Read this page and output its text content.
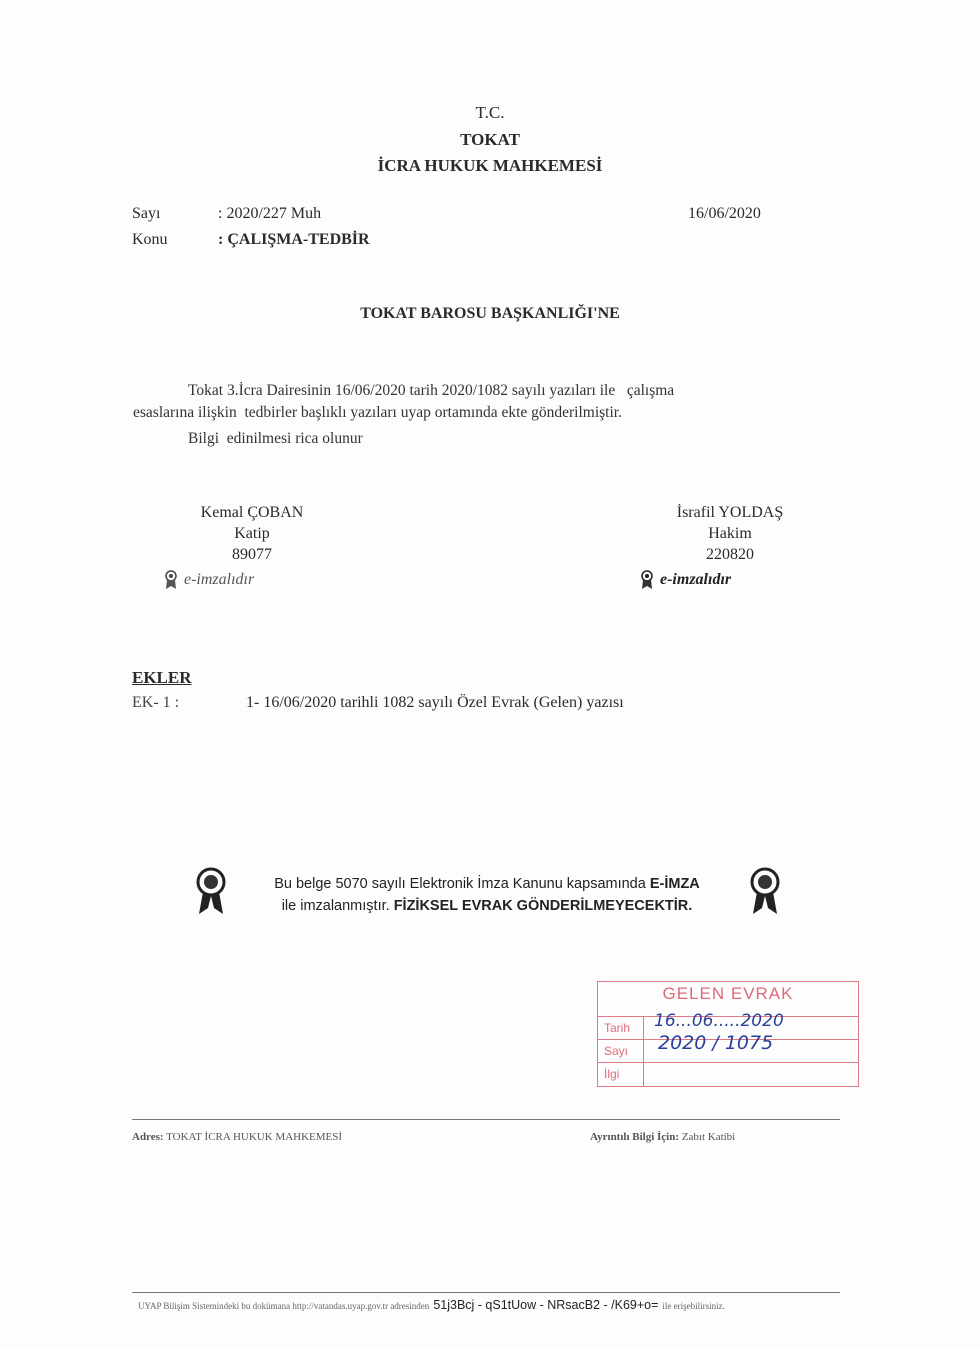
T.C.
TOKAT
İCRA HUKUK MAHKEMESİ
Sayı	: 2020/227 Muh	16/06/2020
Konu	: ÇALIŞMA-TEDBİR
TOKAT BAROSU BAŞKANLIĞI'NE
Tokat 3.İcra Dairesinin 16/06/2020 tarih 2020/1082 sayılı yazıları ile   çalışma
esaslarına ilişkin  tedbirler başlıklı yazıları uyap ortamında ekte gönderilmiştir.
Bilgi  edinilmesi rica olunur
Kemal ÇOBAN
Katip
89077
e-imzalıdır
İsrafil YOLDAŞ
Hakim
220820
e-imzalıdır
EKLER
EK- 1 :	1- 16/06/2020 tarihli 1082 sayılı Özel Evrak (Gelen) yazısı
Bu belge 5070 sayılı Elektronik İmza Kanunu kapsamında E-İMZA
ile imzalanmıştır. FİZİKSEL EVRAK GÖNDERİLMEYECEKTİR.
GELEN EVRAK
Tarih	16...06.....2020
Sayı	2020 / 1075
İlgi
Adres: TOKAT İCRA HUKUK MAHKEMESİ	Ayrıntılı Bilgi İçin: Zabıt Katibi
UYAP Bilişim Sistemindeki bu dokümana http://vatandas.uyap.gov.tr adresinden 51j3Bcj - qS1tUow - NRsacB2 - /K69+o= ile erişebilirsiniz.
